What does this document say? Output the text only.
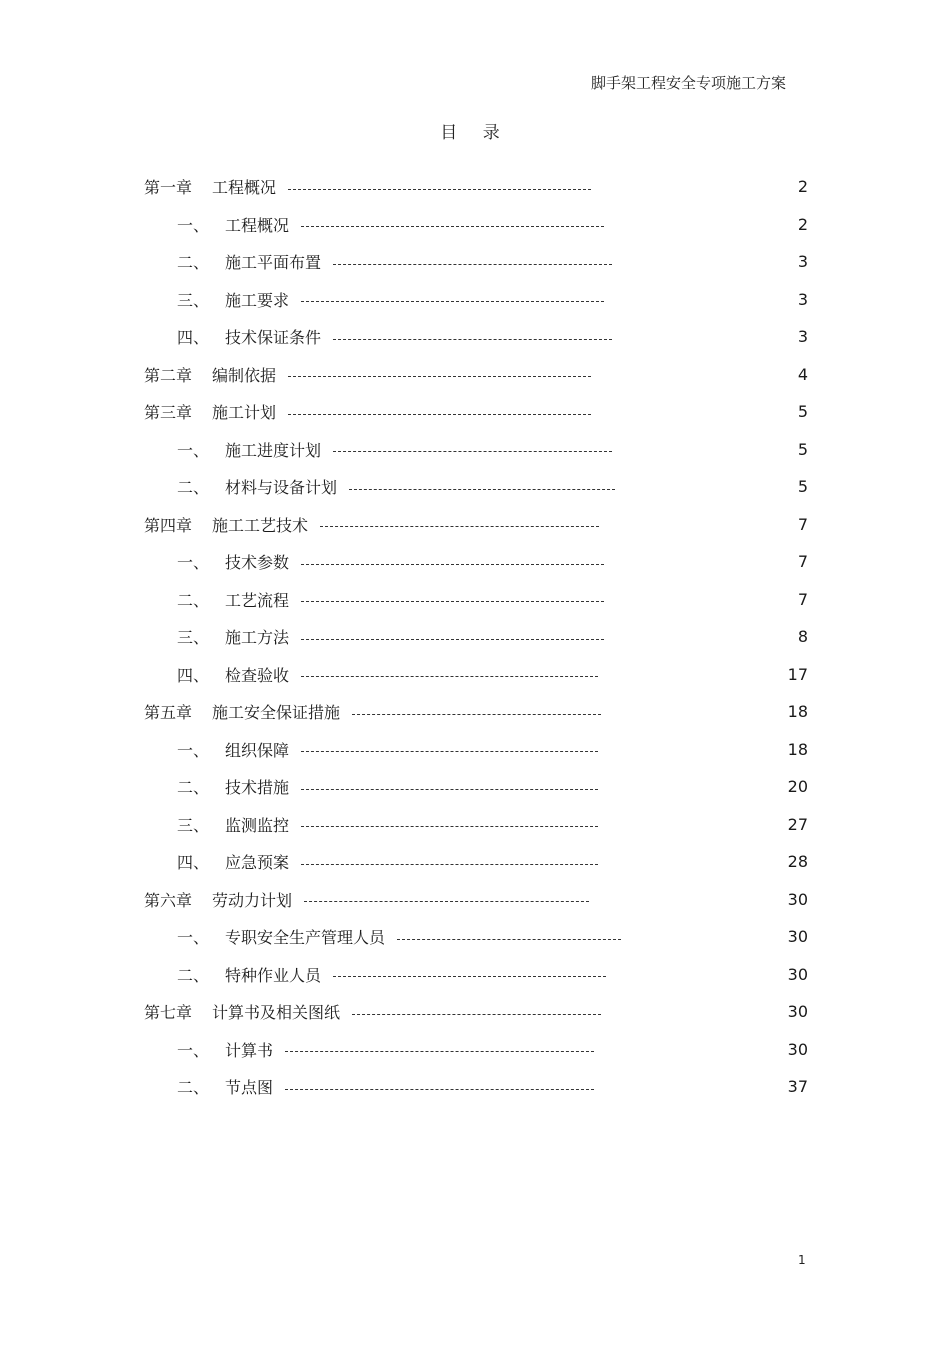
脚手架工程安全专项施工方案
目 录
第一章	工程概况	2
一、 工程概况	2
二、 施工平面布置	3
三、 施工要求	3
四、 技术保证条件	3
第二章	编制依据	4
第三章	施工计划	5
一、 施工进度计划	5
二、 材料与设备计划	5
第四章	施工工艺技术	7
一、 技术参数	7
二、 工艺流程	7
三、 施工方法	8
四、 检查验收	17
第五章	施工安全保证措施	18
一、 组织保障	18
二、 技术措施	20
三、 监测监控	27
四、 应急预案	28
第六章	劳动力计划	30
一、 专职安全生产管理人员	30
二、 特种作业人员	30
第七章	计算书及相关图纸	30
一、 计算书	30
二、 节点图	37
1
